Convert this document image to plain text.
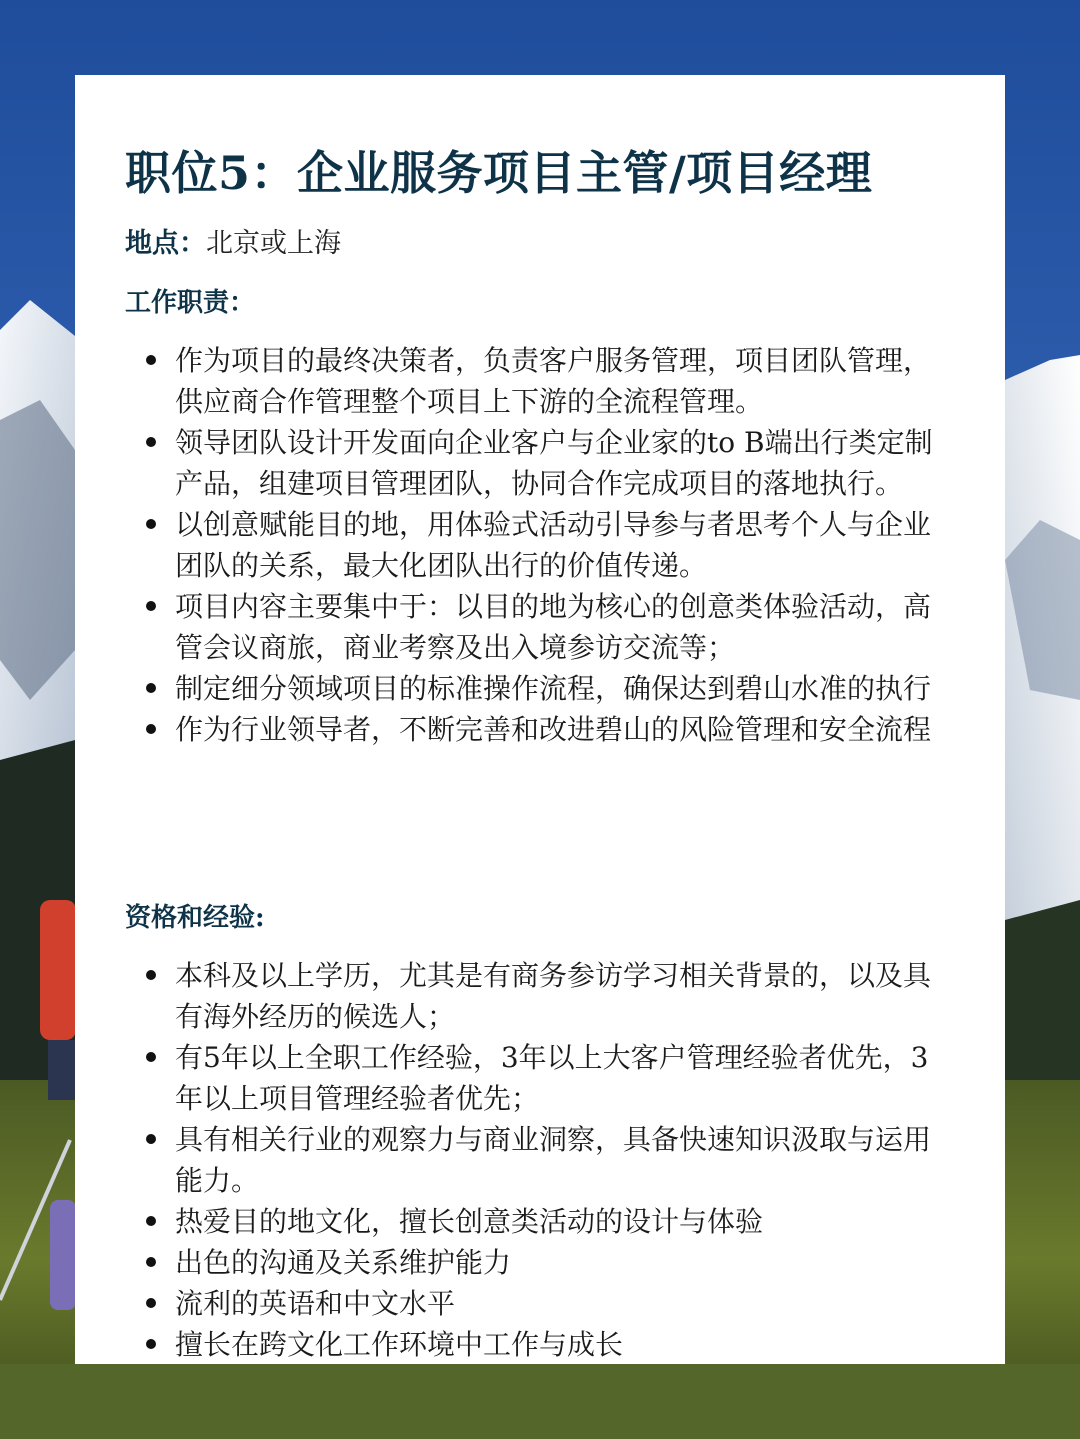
职位5：企业服务项目主管/项目经理
地点：北京或上海
工作职责：
作为项目的最终决策者，负责客户服务管理，项目团队管理，供应商合作管理整个项目上下游的全流程管理。
领导团队设计开发面向企业客户与企业家的to B端出行类定制产品，组建项目管理团队，协同合作完成项目的落地执行。
以创意赋能目的地，用体验式活动引导参与者思考个人与企业团队的关系，最大化团队出行的价值传递。
项目内容主要集中于：以目的地为核心的创意类体验活动，高管会议商旅，商业考察及出入境参访交流等；
制定细分领域项目的标准操作流程，确保达到碧山水准的执行
作为行业领导者，不断完善和改进碧山的风险管理和安全流程
资格和经验:
本科及以上学历，尤其是有商务参访学习相关背景的，以及具有海外经历的候选人；
有5年以上全职工作经验，3年以上大客户管理经验者优先，3年以上项目管理经验者优先；
具有相关行业的观察力与商业洞察，具备快速知识汲取与运用能力。
热爱目的地文化，擅长创意类活动的设计与体验
出色的沟通及关系维护能力
流利的英语和中文水平
擅长在跨文化工作环境中工作与成长
